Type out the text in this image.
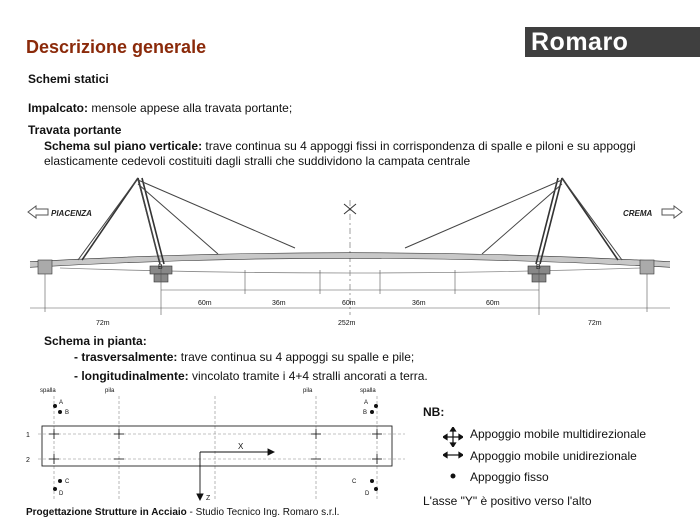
Descrizione generale	Romaro
Schemi statici
Impalcato: mensole appese alla travata portante;
Travata portante
Schema sul piano verticale: trave continua su 4 appoggi fissi in corrispondenza di spalle e piloni e su appoggi
elasticamente cedevoli costituiti dagli stralli che suddividono la campata centrale
PIACENZA	CREMA
B	B
60m	36m	60m	36m	60m
72m	252m	72m
Schema in pianta:
- trasversalmente: trave continua su 4 appoggi su spalle e pile;
- longitudinalmente: vincolato tramite i 4+4 stralli ancorati a terra.
spalla	pila	pila	spalla
1
2
A
B	B
A
C
D
C
D
X
Z
NB:
Appoggio mobile multidirezionale
Appoggio mobile unidirezionale
Appoggio fisso
L'asse "Y" è positivo verso l'alto
Progettazione Strutture in Acciaio - Studio Tecnico Ing. Romaro s.r.l.
